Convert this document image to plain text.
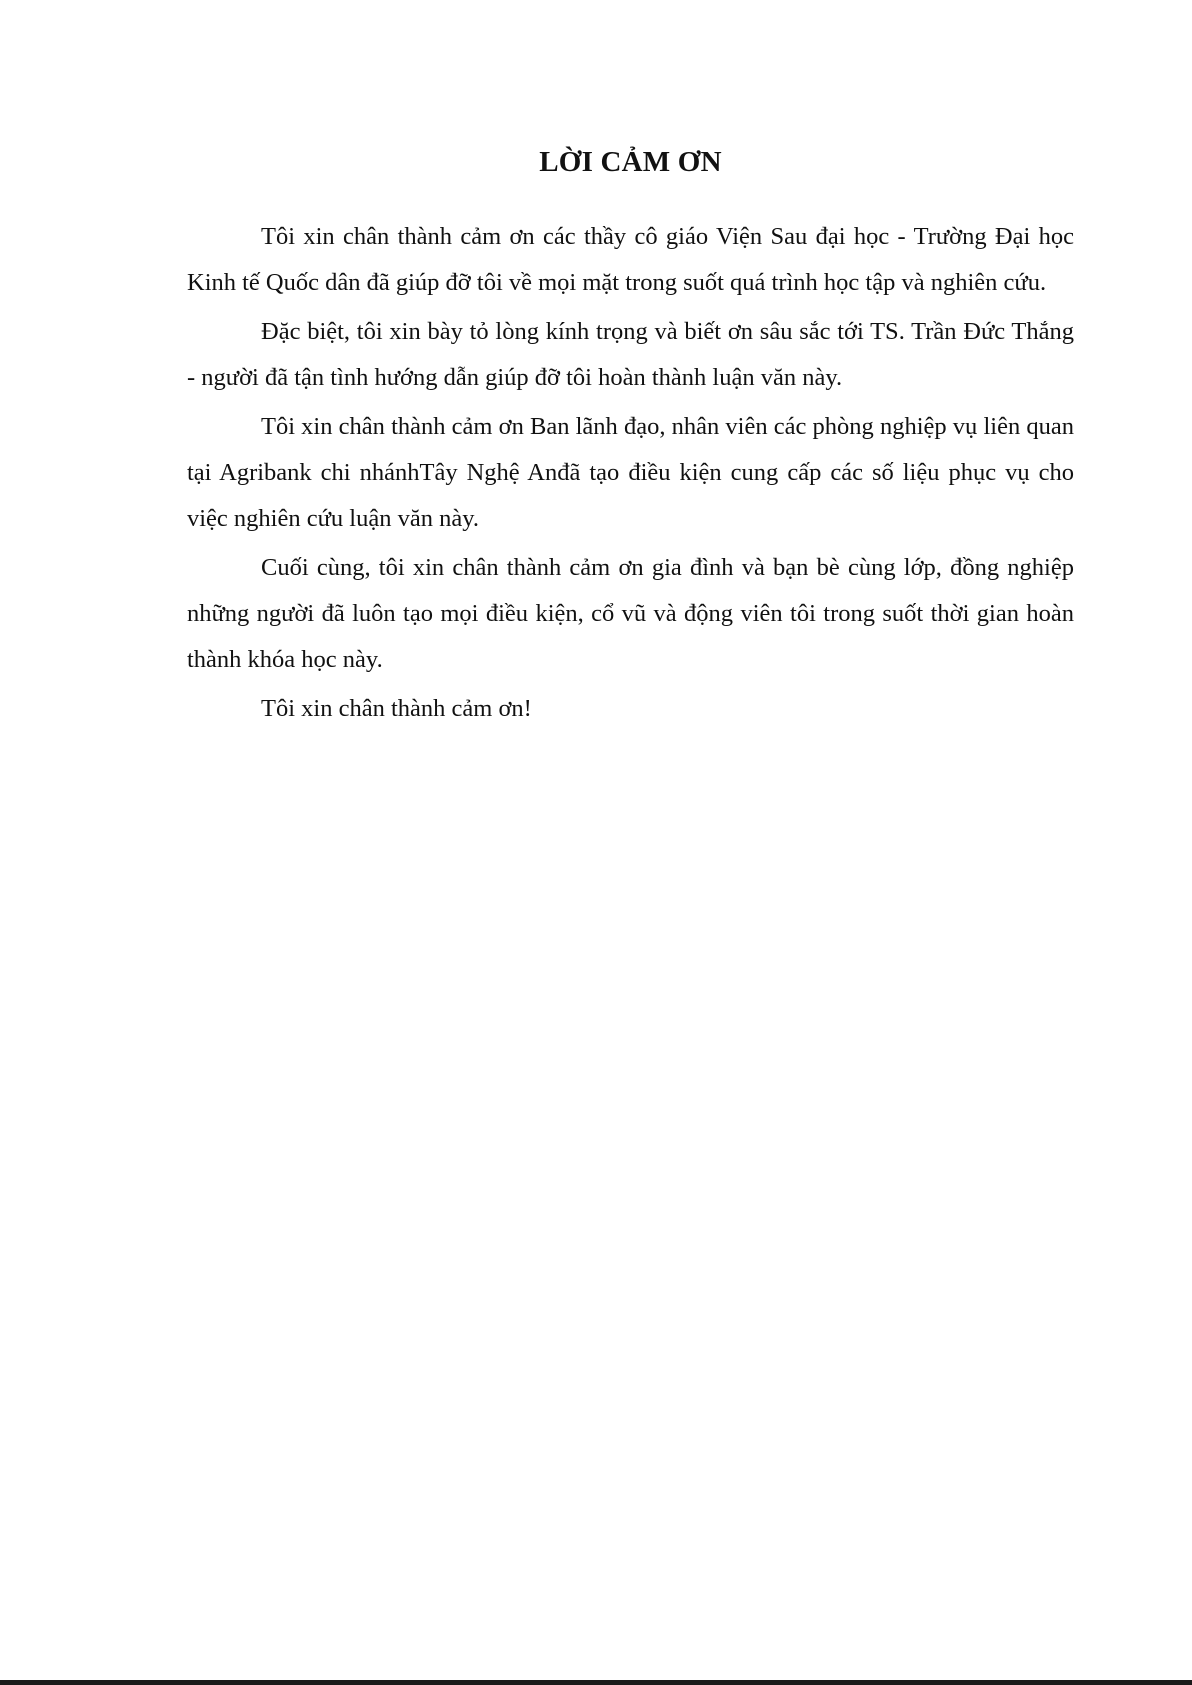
LỜI CẢM ƠN

Tôi xin chân thành cảm ơn các thầy cô giáo Viện Sau đại học - Trường Đại học Kinh tế Quốc dân đã giúp đỡ tôi về mọi mặt trong suốt quá trình học tập và nghiên cứu.

Đặc biệt, tôi xin bày tỏ lòng kính trọng và biết ơn sâu sắc tới TS. Trần Đức Thắng - người đã tận tình hướng dẫn giúp đỡ tôi hoàn thành luận văn này.

Tôi xin chân thành cảm ơn Ban lãnh đạo, nhân viên các phòng nghiệp vụ liên quan tại Agribank chi nhánhTây Nghệ Anđã tạo điều kiện cung cấp các số liệu phục vụ cho việc nghiên cứu luận văn này.

Cuối cùng, tôi xin chân thành cảm ơn gia đình và bạn bè cùng lớp, đồng nghiệp những người đã luôn tạo mọi điều kiện, cổ vũ và động viên tôi trong suốt thời gian hoàn thành khóa học này.

Tôi xin chân thành cảm ơn!
